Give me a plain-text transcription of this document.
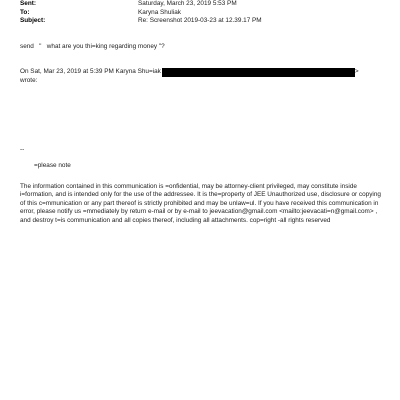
Sent:	Saturday, March 23, 2019 5:53 PM
To:	Karyna Shuliak
Subject:	Re: Screenshot 2019-03-23 at 12.39.17 PM
send   "   what are you thi=king regarding money "?
On Sat, Mar 23, 2019 at 5:39 PM Karyna Shu=iak	>
wrote:
--
=please note

The information contained in this communication is =onfidential, may be attorney-client privileged, may constitute inside i=formation, and is intended only for the use of the addressee. It is the=property of JEE Unauthorized use, disclosure or copying of this c=mmunication or any part thereof is strictly prohibited and may be unlaw=ul. If you have received this communication in error, please notify us =mmediately by return e-mail or by e-mail to jeevacation@gmail.com <mailto:jeevacati=n@gmail.com> , and destroy t=is communication and all copies thereof, including all attachments. cop=right -all rights reserved
